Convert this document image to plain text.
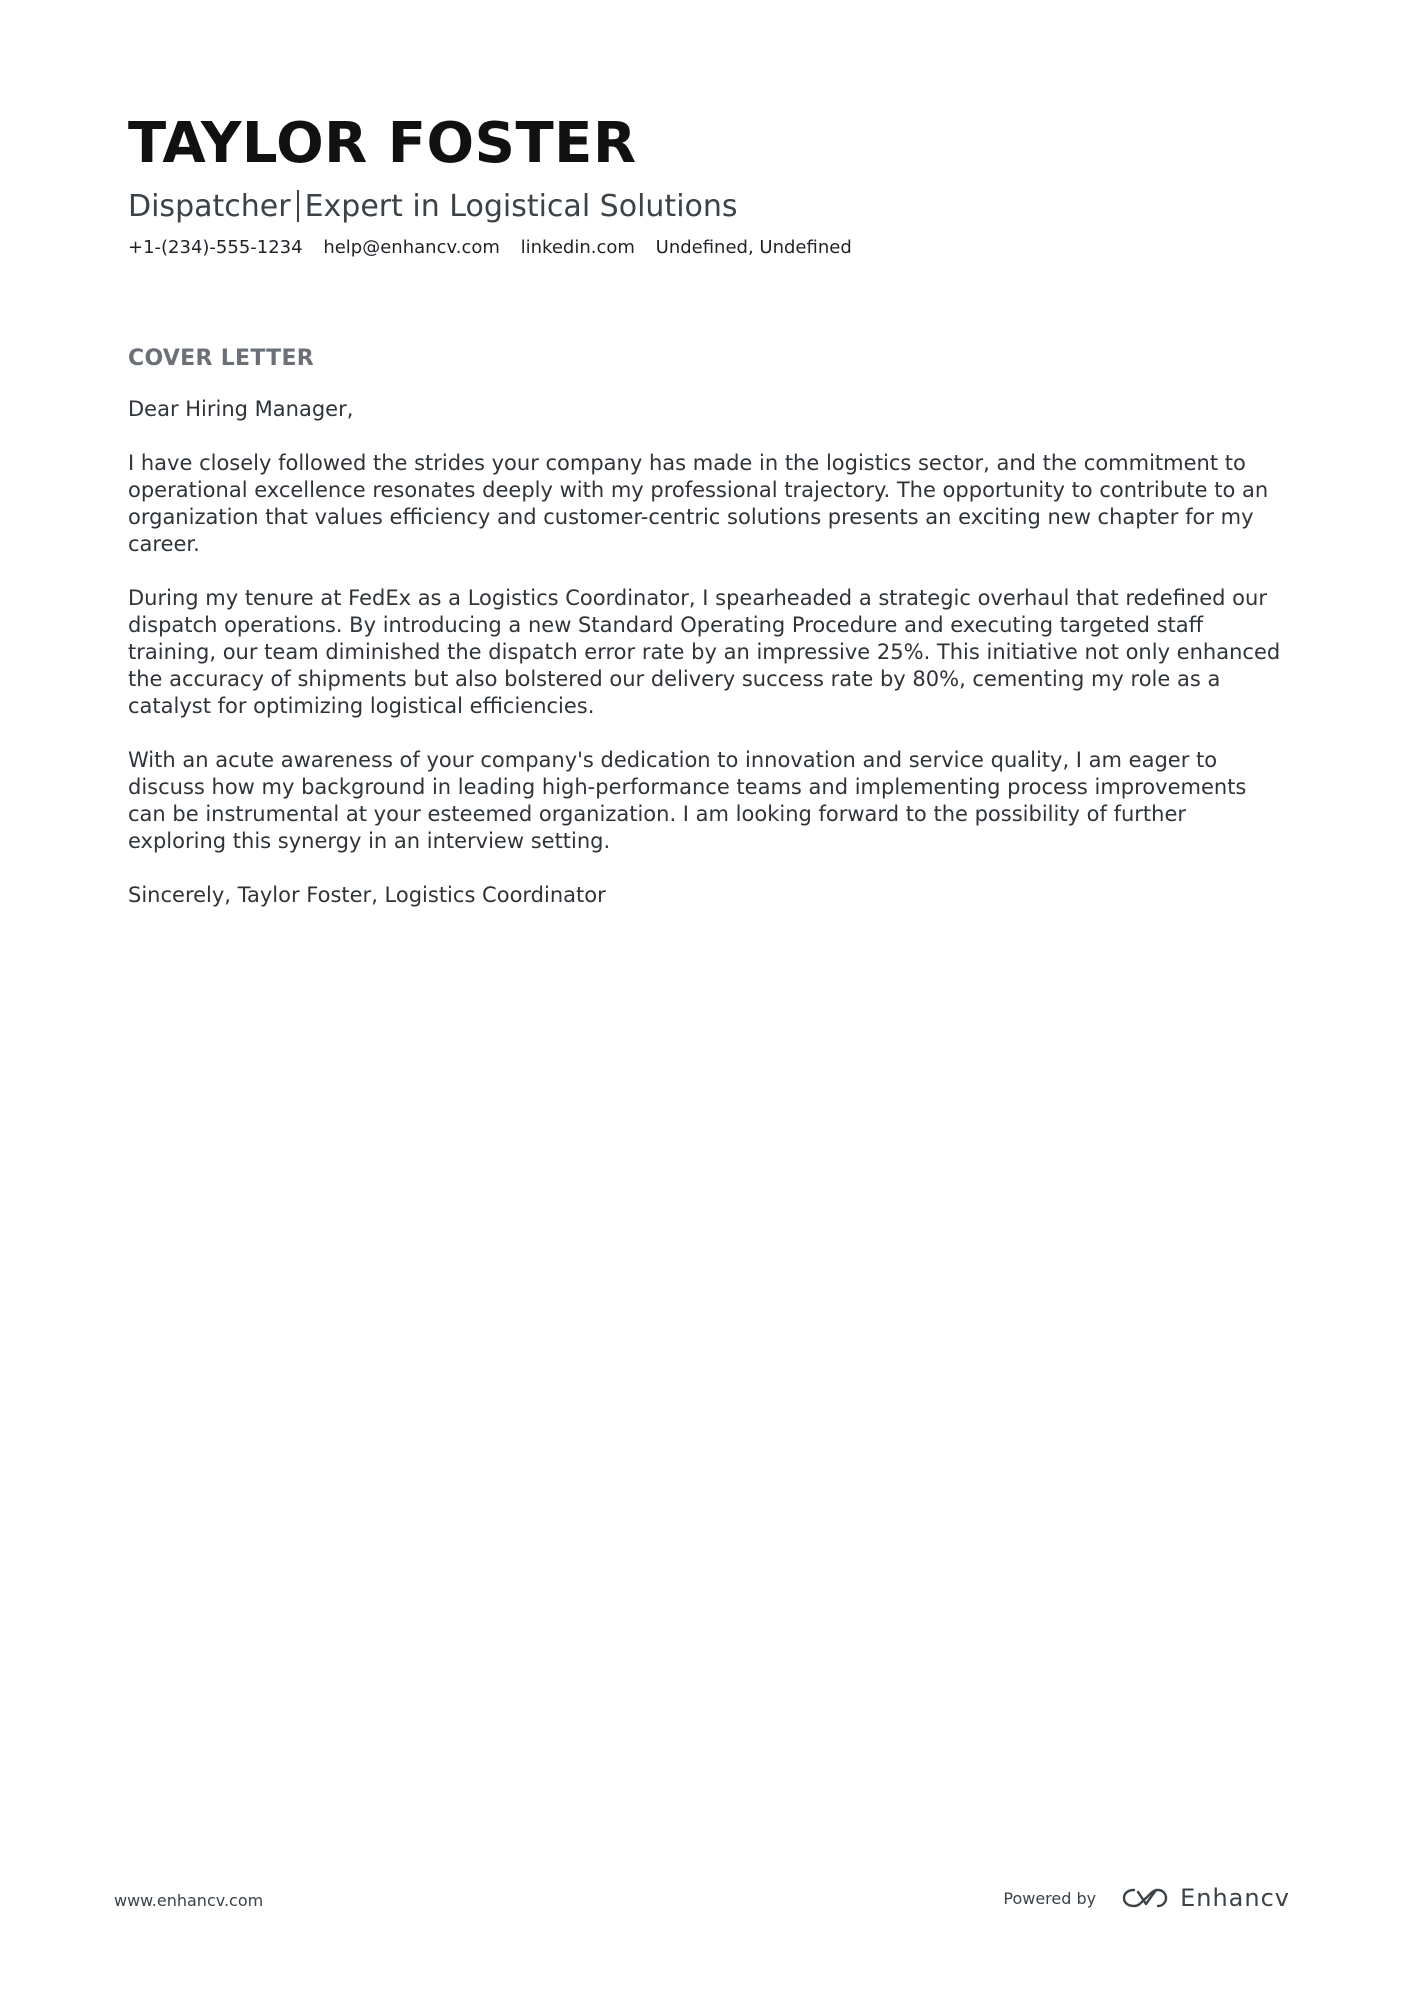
TAYLOR FOSTER
Dispatcher Expert in Logistical Solutions
+1-(234)-555-1234 help@enhancv.com linkedin.com Undefined, Undefined
COVER LETTER

Dear Hiring Manager,

I have closely followed the strides your company has made in the logistics sector, and the commitment to operational excellence resonates deeply with my professional trajectory. The opportunity to contribute to an organization that values efficiency and customer-centric solutions presents an exciting new chapter for my career.

During my tenure at FedEx as a Logistics Coordinator, I spearheaded a strategic overhaul that redefined our dispatch operations. By introducing a new Standard Operating Procedure and executing targeted staff training, our team diminished the dispatch error rate by an impressive 25%. This initiative not only enhanced the accuracy of shipments but also bolstered our delivery success rate by 80%, cementing my role as a catalyst for optimizing logistical efficiencies.

With an acute awareness of your company's dedication to innovation and service quality, I am eager to discuss how my background in leading high-performance teams and implementing process improvements can be instrumental at your esteemed organization. I am looking forward to the possibility of further exploring this synergy in an interview setting.

Sincerely, Taylor Foster, Logistics Coordinator

www.enhancv.com	Powered by	Enhancv
